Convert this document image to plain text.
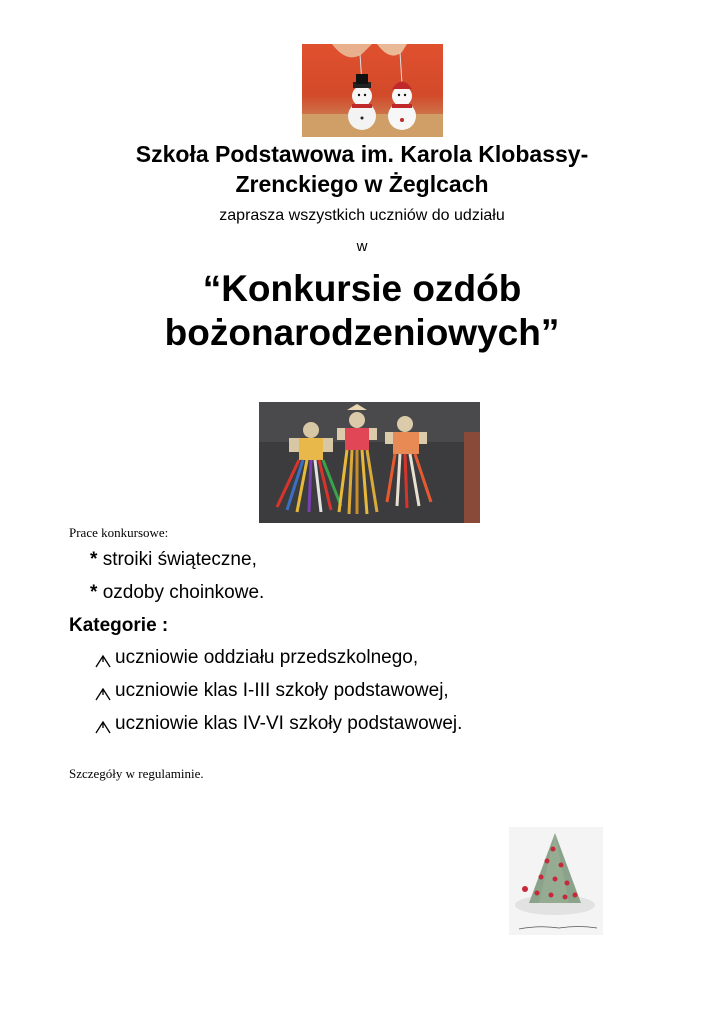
Szkoła Podstawowa im. Karola Klobassy-
Zrenckiego w Żeglcach
zaprasza wszystkich uczniów do udziału
w
“Konkursie ozdób
bożonarodzeniowych”
Prace konkursowe:
* stroiki świąteczne,
* ozdoby choinkowe.
Kategorie :
uczniowie oddziału przedszkolnego,
uczniowie klas I-III szkoły podstawowej,
uczniowie klas IV-VI szkoły podstawowej.
Szczegóły w regulaminie.
